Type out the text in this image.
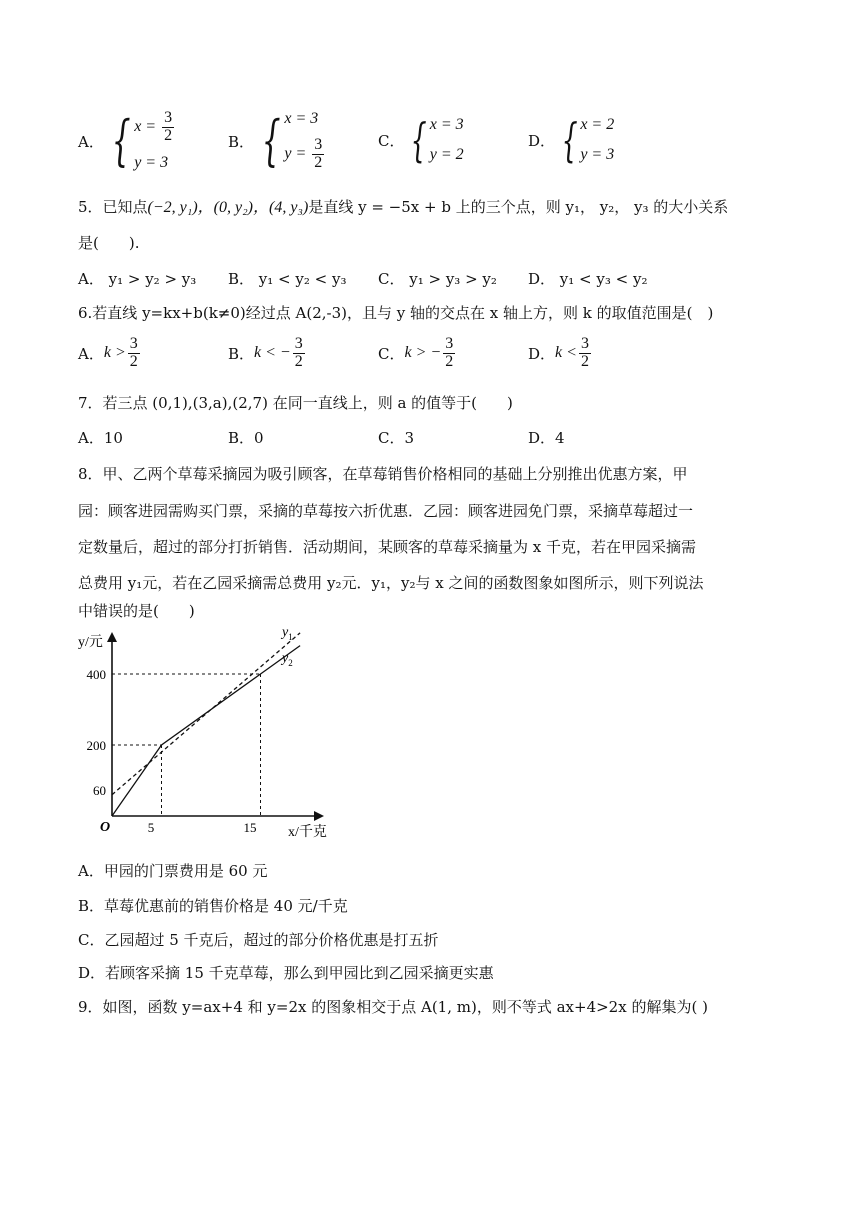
A． { $x = \frac{3}{2}$
y = 3
B． { x = 3
$y = \frac{3}{2}$	C． { x = 3
y = 2
D． { x = 2
y = 3
5．已知点(−2, y₁)，(0, y₂)，(4, y₃)是直线 y = −5x + b 上的三个点，则 y₁， y₂， y₃ 的大小关系
是(　　).
A． y₁ > y₂ > y₃ B． y₁ < y₂ < y₃ C． y₁ > y₃ > y₂ D． y₁ < y₃ < y₂
6.若直线 y=kx+b(k≠0)经过点 A(2,-3)，且与 y 轴的交点在 x 轴上方，则 k 的取值范围是(　)
A． $k > \frac{3}{2}$	B． k < − $\frac{3}{2}$	C． k > − $\frac{3}{2}$	D． $k < \frac{3}{2}$
7．若三点 (0,1),(3,a),(2,7) 在同一直线上，则 a 的值等于(　　)
A．10	B．0	C．3	D．4
8．甲、乙两个草莓采摘园为吸引顾客，在草莓销售价格相同的基础上分别推出优惠方案，甲
园：顾客进园需购买门票，采摘的草莓按六折优惠．乙园：顾客进园免门票，采摘草莓超过一
定数量后，超过的部分打折销售．活动期间，某顾客的草莓采摘量为 x 千克，若在甲园采摘需
总费用 y₁元，若在乙园采摘需总费用 y₂元．y₁，y₂与 x 之间的函数图象如图所示，则下列说法
中错误的是(　　)
y/元
x/千克
O	5	15
60
200
400
$y_1$
$y_2$
A．甲园的门票费用是 60 元
B．草莓优惠前的销售价格是 40 元/千克
C．乙园超过 5 千克后，超过的部分价格优惠是打五折
D．若顾客采摘 15 千克草莓，那么到甲园比到乙园采摘更实惠
9．如图，函数 y=ax+4 和 y=2x 的图象相交于点 A(1, m)，则不等式 ax+4>2x 的解集为( )
